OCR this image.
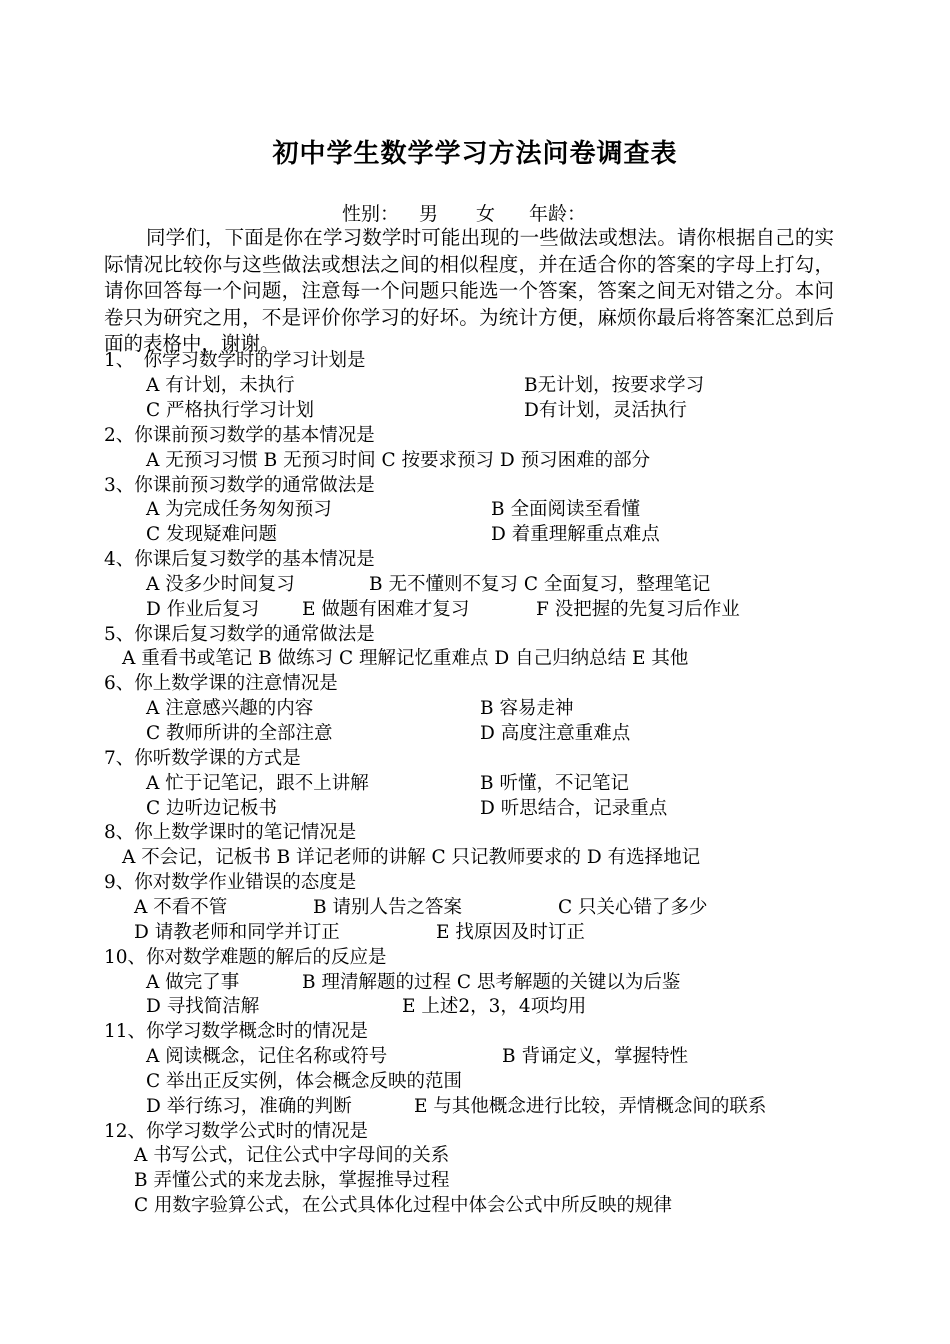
初中学生数学学习方法问卷调查表
性别： 男 女 年龄：

同学们，下面是你在学习数学时可能出现的一些做法或想法。请你根据自己的实际情况比较你与这些做法或想法之间的相似程度，并在适合你的答案的字母上打勾，请你回答每一个问题，注意每一个问题只能选一个答案，答案之间无对错之分。本问卷只为研究之用，不是评价你学习的好坏。为统计方便，麻烦你最后将答案汇总到后面的表格中，谢谢。

1、　你学习数学时的学习计划是
A 有计划，未执行	B无计划，按要求学习
C 严格执行学习计划	D有计划，灵活执行
2、你课前预习数学的基本情况是
A 无预习习惯 B 无预习时间 C 按要求预习 D 预习困难的部分
3、你课前预习数学的通常做法是
A 为完成任务匆匆预习	B 全面阅读至看懂
C 发现疑难问题	D 着重理解重点难点
4、你课后复习数学的基本情况是
A 没多少时间复习	B 无不懂则不复习 C 全面复习，整理笔记
D 作业后复习 E 做题有困难才复习	F 没把握的先复习后作业
5、你课后复习数学的通常做法是
A 重看书或笔记 B 做练习 C 理解记忆重难点 D 自己归纳总结 E 其他
6、你上数学课的注意情况是
A 注意感兴趣的内容	B 容易走神
C 教师所讲的全部注意	D 高度注意重难点
7、你听数学课的方式是
A 忙于记笔记，跟不上讲解	B 听懂，不记笔记
C 边听边记板书	D 听思结合，记录重点
8、你上数学课时的笔记情况是
A 不会记，记板书 B 详记老师的讲解 C 只记教师要求的 D 有选择地记
9、你对数学作业错误的态度是
A 不看不管	B 请别人告之答案	C 只关心错了多少
D 请教老师和同学并订正	E 找原因及时订正
10、你对数学难题的解后的反应是
A 做完了事	B 理清解题的过程 C 思考解题的关键以为后鉴
D 寻找简洁解	E 上述2，3，4项均用
11、你学习数学概念时的情况是
A 阅读概念，记住名称或符号	B 背诵定义，掌握特性
C 举出正反实例，体会概念反映的范围
D 举行练习，准确的判断	E 与其他概念进行比较，弄情概念间的联系
12、你学习数学公式时的情况是
A 书写公式，记住公式中字母间的关系
B 弄懂公式的来龙去脉，掌握推导过程
C 用数字验算公式，在公式具体化过程中体会公式中所反映的规律
